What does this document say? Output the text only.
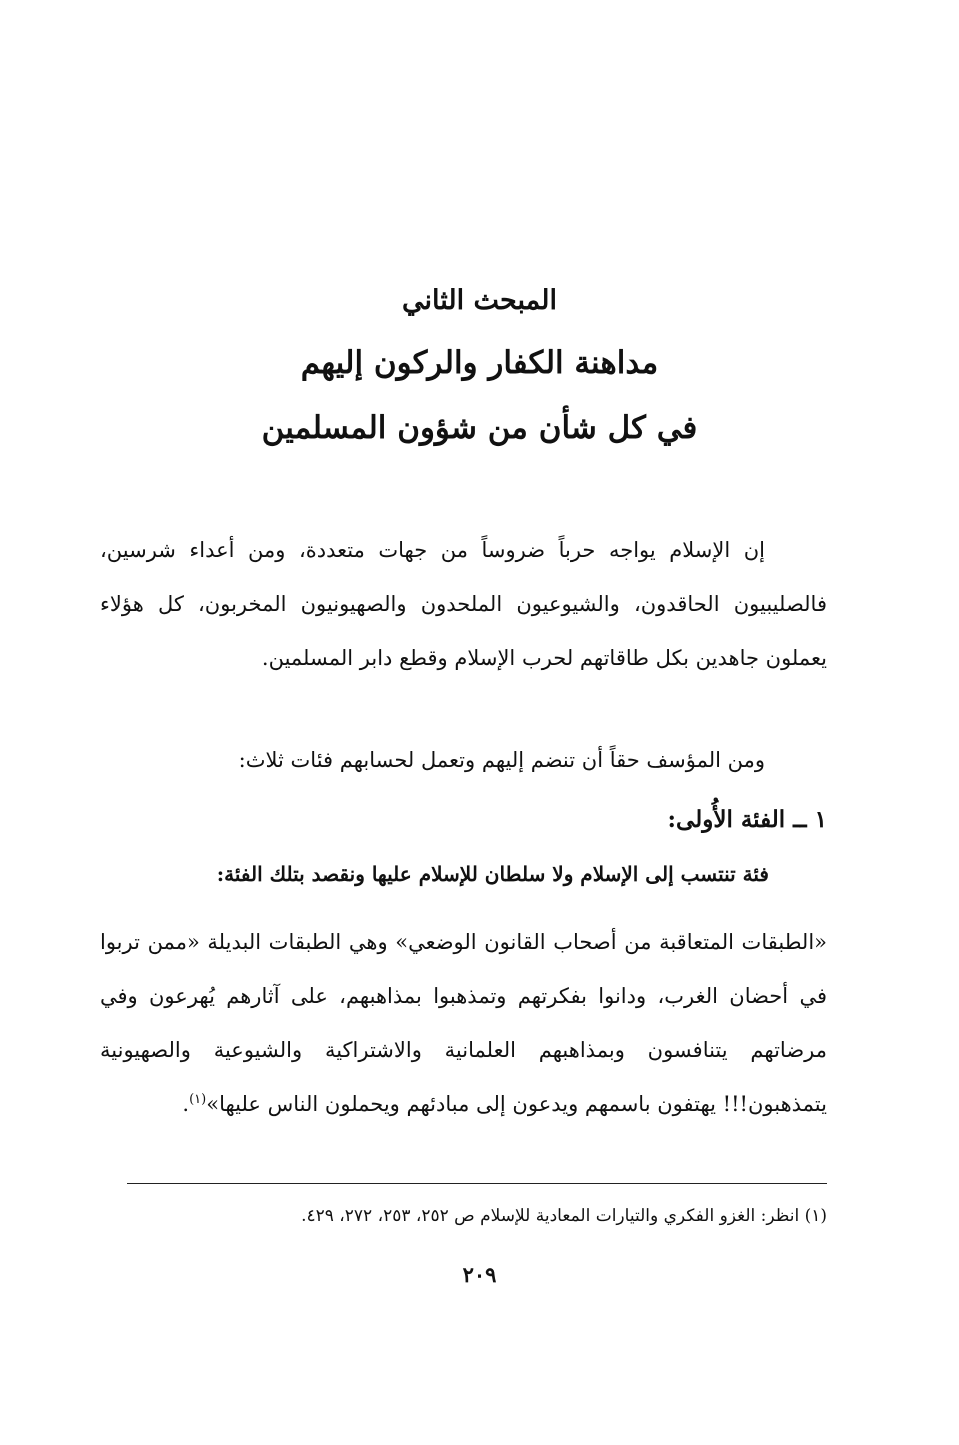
المبحث الثاني
مداهنة الكفار والركون إليهم
في كل شأن من شؤون المسلمين

إن الإسلام يواجه حرباً ضروساً من جهات متعددة، ومن أعداء شرسين، فالصليبيون الحاقدون، والشيوعيون الملحدون والصهيونيون المخربون، كل هؤلاء يعملون جاهدين بكل طاقاتهم لحرب الإسلام وقطع دابر المسلمين.

ومن المؤسف حقاً أن تنضم إليهم وتعمل لحسابهم فئات ثلاث:

١ ــ الفئة الأُولى:
فئة تنتسب إلى الإسلام ولا سلطان للإسلام عليها ونقصد بتلك الفئة:

«الطبقات المتعاقبة من أصحاب القانون الوضعي» وهي الطبقات البديلة «ممن تربوا في أحضان الغرب، ودانوا بفكرتهم وتمذهبوا بمذاهبهم، على آثارهم يُهرعون وفي مرضاتهم يتنافسون وبمذاهبهم العلمانية والاشتراكية والشيوعية والصهيونية يتمذهبون!!! يهتفون باسمهم ويدعون إلى مبادئهم ويحملون الناس عليها»$^{(١)}$.

(١) انظر: الغزو الفكري والتيارات المعادية للإسلام ص ٢٥٢، ٢٥٣، ٢٧٢، ٤٢٩.
٢٠٩
